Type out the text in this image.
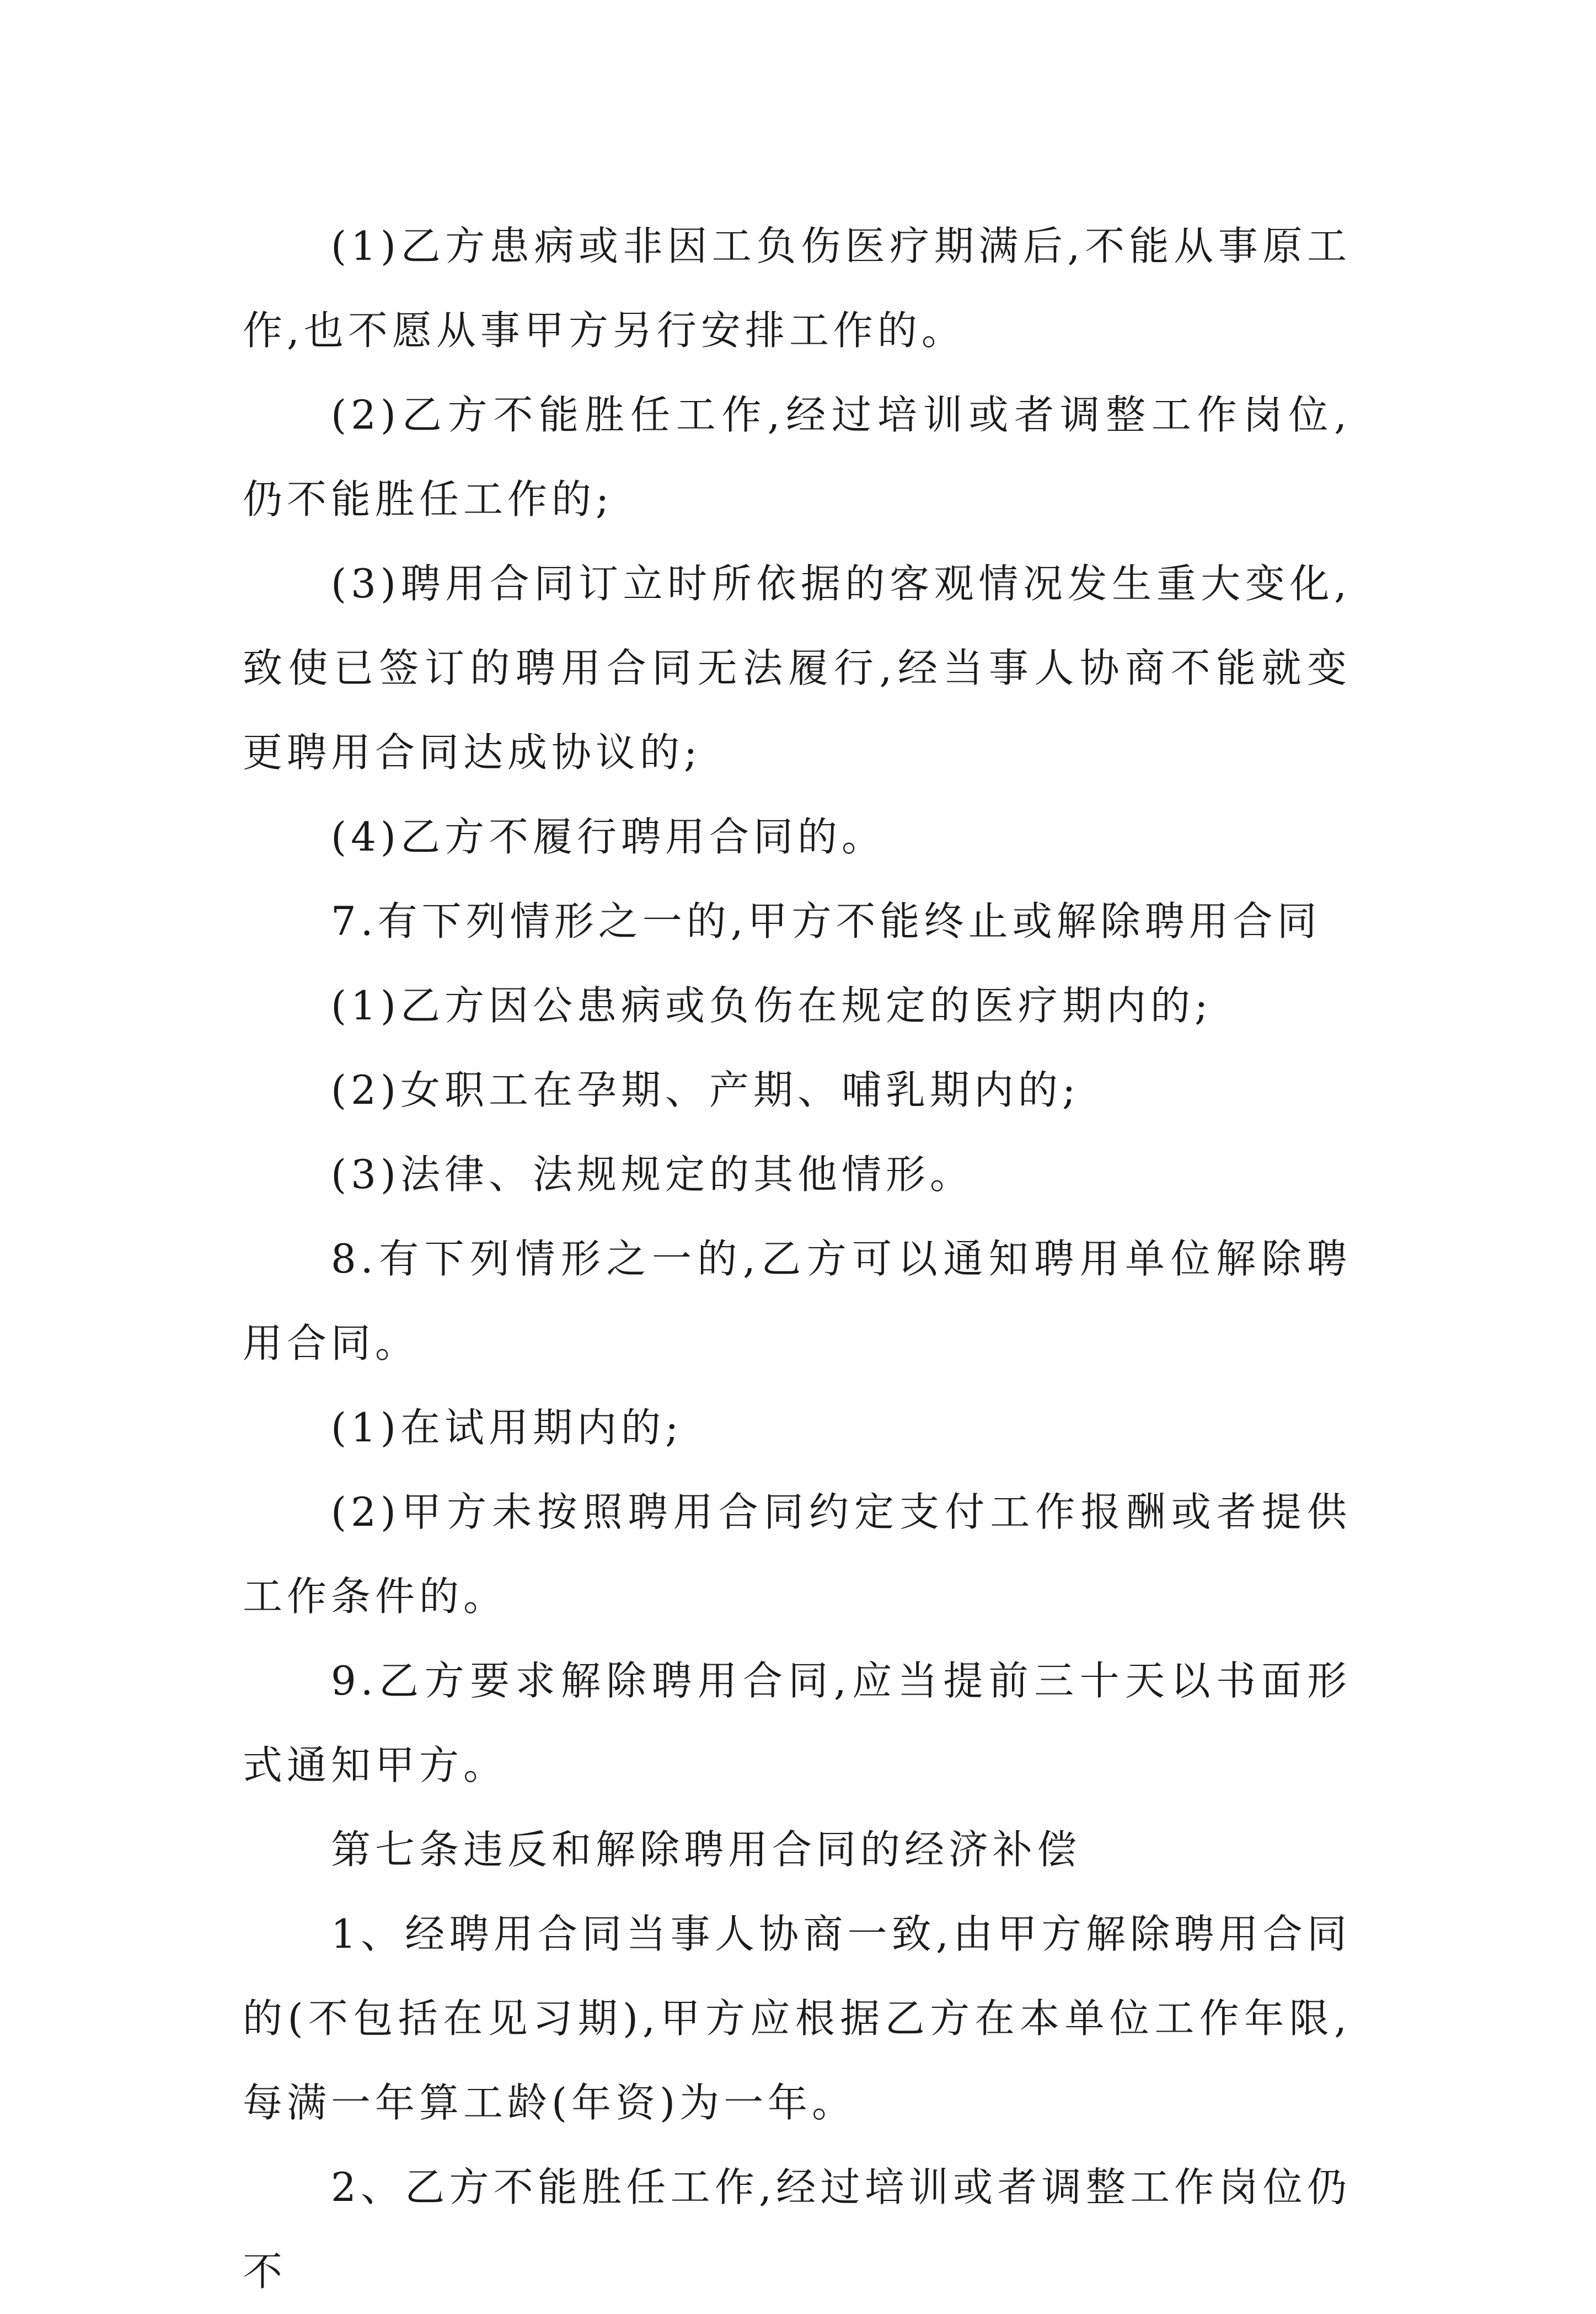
(1)乙方患病或非因工负伤医疗期满后,不能从事原工作,也不愿从事甲方另行安排工作的。

(2)乙方不能胜任工作,经过培训或者调整工作岗位,仍不能胜任工作的;

(3)聘用合同订立时所依据的客观情况发生重大变化,致使已签订的聘用合同无法履行,经当事人协商不能就变更聘用合同达成协议的;

(4)乙方不履行聘用合同的。

7.有下列情形之一的,甲方不能终止或解除聘用合同

(1)乙方因公患病或负伤在规定的医疗期内的;

(2)女职工在孕期、产期、哺乳期内的;

(3)法律、法规规定的其他情形。

8.有下列情形之一的,乙方可以通知聘用单位解除聘用合同。

(1)在试用期内的;

(2)甲方未按照聘用合同约定支付工作报酬或者提供工作条件的。

9.乙方要求解除聘用合同,应当提前三十天以书面形式通知甲方。

第七条违反和解除聘用合同的经济补偿

1、经聘用合同当事人协商一致,由甲方解除聘用合同的(不包括在见习期),甲方应根据乙方在本单位工作年限,每满一年算工龄(年资)为一年。

2、乙方不能胜任工作,经过培训或者调整工作岗位仍不
